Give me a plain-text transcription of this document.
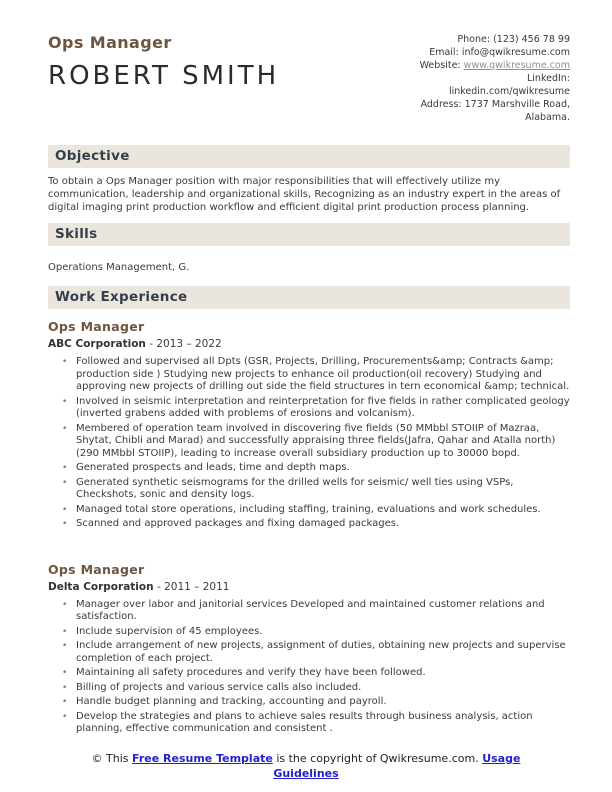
Ops Manager
ROBERT SMITH
Phone: (123) 456 78 99
Email: info@qwikresume.com
Website: www.qwikresume.com
LinkedIn:
linkedin.com/qwikresume
Address: 1737 Marshville Road,
Alabama.
Objective
To obtain a Ops Manager position with major responsibilities that will effectively utilize my communication, leadership and organizational skills, Recognizing as an industry expert in the areas of digital imaging print production workflow and efficient digital print production process planning.
Skills
Operations Management, G.
Work Experience
Ops Manager
ABC Corporation - 2013 – 2022
• Followed and supervised all Dpts (GSR, Projects, Drilling, Procurements&amp; Contracts &amp; production side ) Studying new projects to enhance oil production(oil recovery) Studying and approving new projects of drilling out side the field structures in tern economical &amp; technical.
• Involved in seismic interpretation and reinterpretation for five fields in rather complicated geology (inverted grabens added with problems of erosions and volcanism).
• Membered of operation team involved in discovering five fields (50 MMbbl STOIIP of Mazraa, Shytat, Chibli and Marad) and successfully appraising three fields(Jafra, Qahar and Atalla north) (290 MMbbl STOIIP), leading to increase overall subsidiary production up to 30000 bopd.
• Generated prospects and leads, time and depth maps.
• Generated synthetic seismograms for the drilled wells for seismic/ well ties using VSPs, Checkshots, sonic and density logs.
• Managed total store operations, including staffing, training, evaluations and work schedules.
• Scanned and approved packages and fixing damaged packages.
Ops Manager
Delta Corporation - 2011 – 2011
• Manager over labor and janitorial services Developed and maintained customer relations and satisfaction.
• Include supervision of 45 employees.
• Include arrangement of new projects, assignment of duties, obtaining new projects and supervise completion of each project.
• Maintaining all safety procedures and verify they have been followed.
• Billing of projects and various service calls also included.
• Handle budget planning and tracking, accounting and payroll.
• Develop the strategies and plans to achieve sales results through business analysis, action planning, effective communication and consistent .
© This Free Resume Template is the copyright of Qwikresume.com. Usage Guidelines
